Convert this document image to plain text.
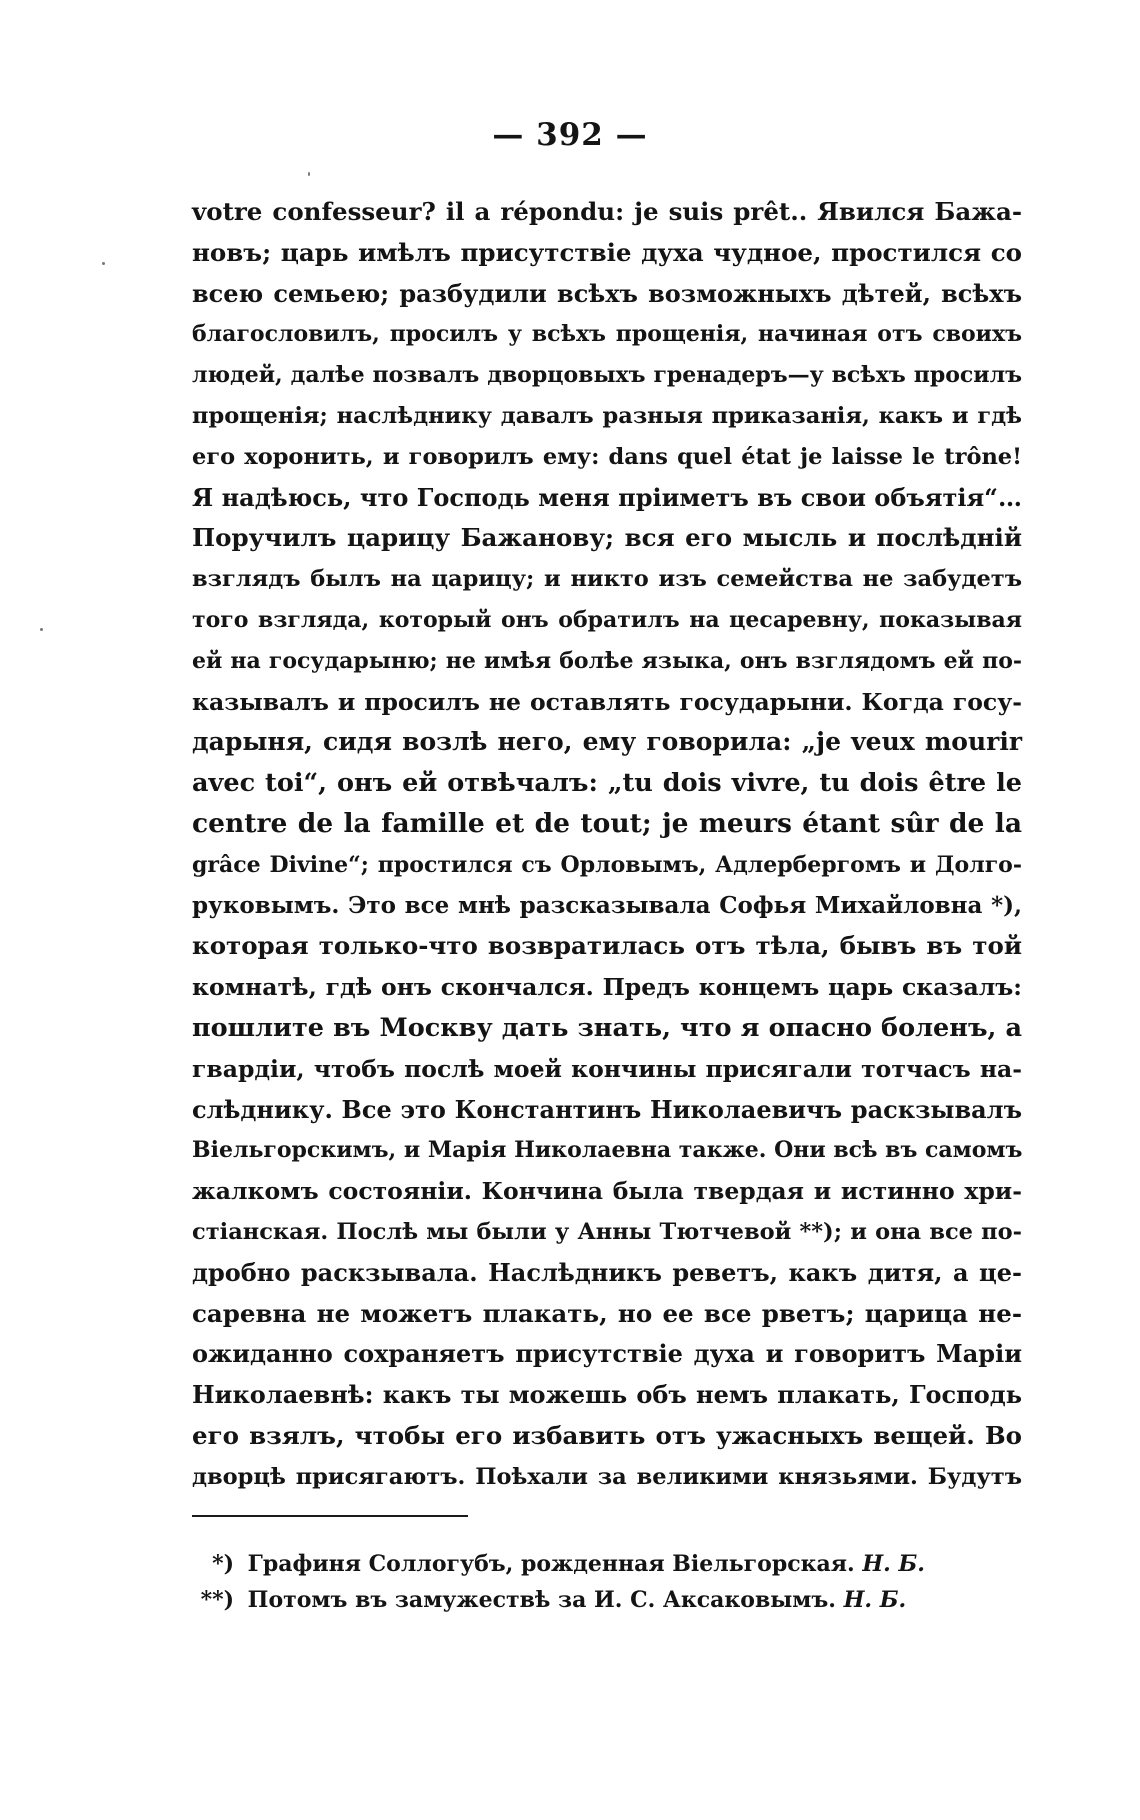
— 392 —
votre confesseur? il a répondu: je suis prêt.. Явился Бажа-
новъ; царь имѣлъ присутствіе духа чудное, простился со
всею семьею; разбудили всѣхъ возможныхъ дѣтей, всѣхъ
благословилъ, просилъ у всѣхъ прощенія, начиная отъ своихъ
людей, далѣе позвалъ дворцовыхъ гренадеръ—у всѣхъ просилъ
прощенія; наслѣднику давалъ разныя приказанія, какъ и гдѣ
его хоронить, и говорилъ ему: dans quel état je laisse le trône!
Я надѣюсь, что Господь меня пріиметъ въ свои объятія“…
Поручилъ царицу Бажанову; вся его мысль и послѣдній
взглядъ былъ на царицу; и никто изъ семейства не забудетъ
того взгляда, который онъ обратилъ на цесаревну, показывая
ей на государыню; не имѣя болѣе языка, онъ взглядомъ ей по-
казывалъ и просилъ не оставлять государыни. Когда госу-
дарыня, сидя возлѣ него, ему говорила: „je veux mourir
avec toi“, онъ ей отвѣчалъ: „tu dois vivre, tu dois être le
centre de la famille et de tout; je meurs étant sûr de la
grâce Divine“; простился съ Орловымъ, Адлербергомъ и Долго-
руковымъ. Это все мнѣ разсказывала Софья Михайловна *),
которая только-что возвратилась отъ тѣла, бывъ въ той
комнатѣ, гдѣ онъ скончался. Предъ концемъ царь сказалъ:
пошлите въ Москву дать знать, что я опасно боленъ, а
гвардіи, чтобъ послѣ моей кончины присягали тотчасъ на-
слѣднику. Все это Константинъ Николаевичъ раскзывалъ
Віельгорскимъ, и Марія Николаевна также. Они всѣ въ самомъ
жалкомъ состояніи. Кончина была твердая и истинно хри-
стіанская. Послѣ мы были у Анны Тютчевой **); и она все по-
дробно раскзывала. Наслѣдникъ реветъ, какъ дитя, а це-
саревна не можетъ плакать, но ее все рветъ; царица не-
ожиданно сохраняетъ присутствіе духа и говоритъ Маріи
Николаевнѣ: какъ ты можешь объ немъ плакать, Господь
его взялъ, чтобы его избавить отъ ужасныхъ вещей. Во
дворцѣ присягаютъ. Поѣхали за великими князьями. Будутъ
*) Графиня Соллогубъ, рожденная Віельгорская. Н. Б.
**) Потомъ въ замужествѣ за И. С. Аксаковымъ. Н. Б.
